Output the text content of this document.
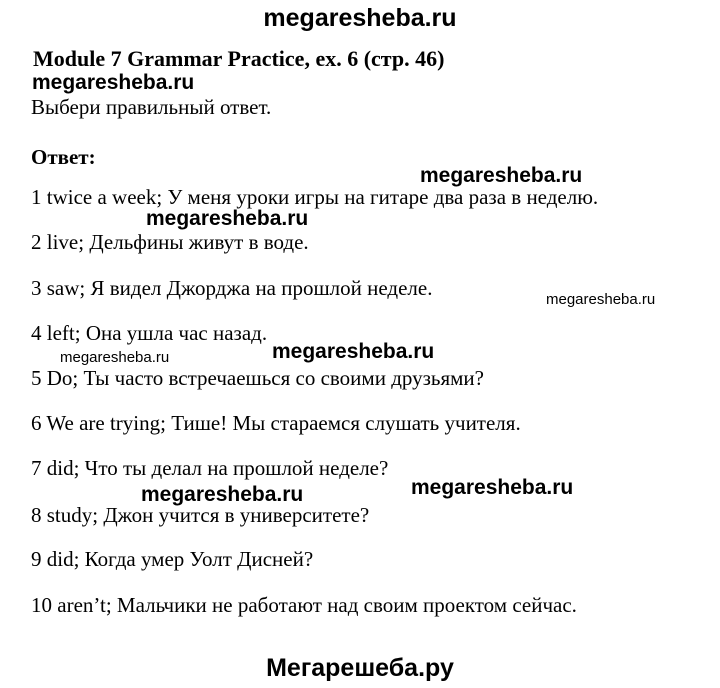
megaresheba.ru
Module 7 Grammar Practice, ex. 6 (стр. 46)
megaresheba.ru
Выбери правильный ответ.
Ответ:
megaresheba.ru
1 twice a week; У меня уроки игры на гитаре два раза в неделю.
megaresheba.ru
2 live; Дельфины живут в воде.
3 saw; Я видел Джорджа на прошлой неделе.	megaresheba.ru
4 left; Она ушла час назад.
megaresheba.ru	megaresheba.ru
5 Do; Ты часто встречаешься со своими друзьями?
6 We are trying; Тише! Мы стараемся слушать учителя.
7 did; Что ты делал на прошлой неделе?
megaresheba.ru	megaresheba.ru
8 study; Джон учится в университете?
9 did; Когда умер Уолт Дисней?
10 aren’t; Мальчики не работают над своим проектом сейчас.
Мегарешеба.ру
